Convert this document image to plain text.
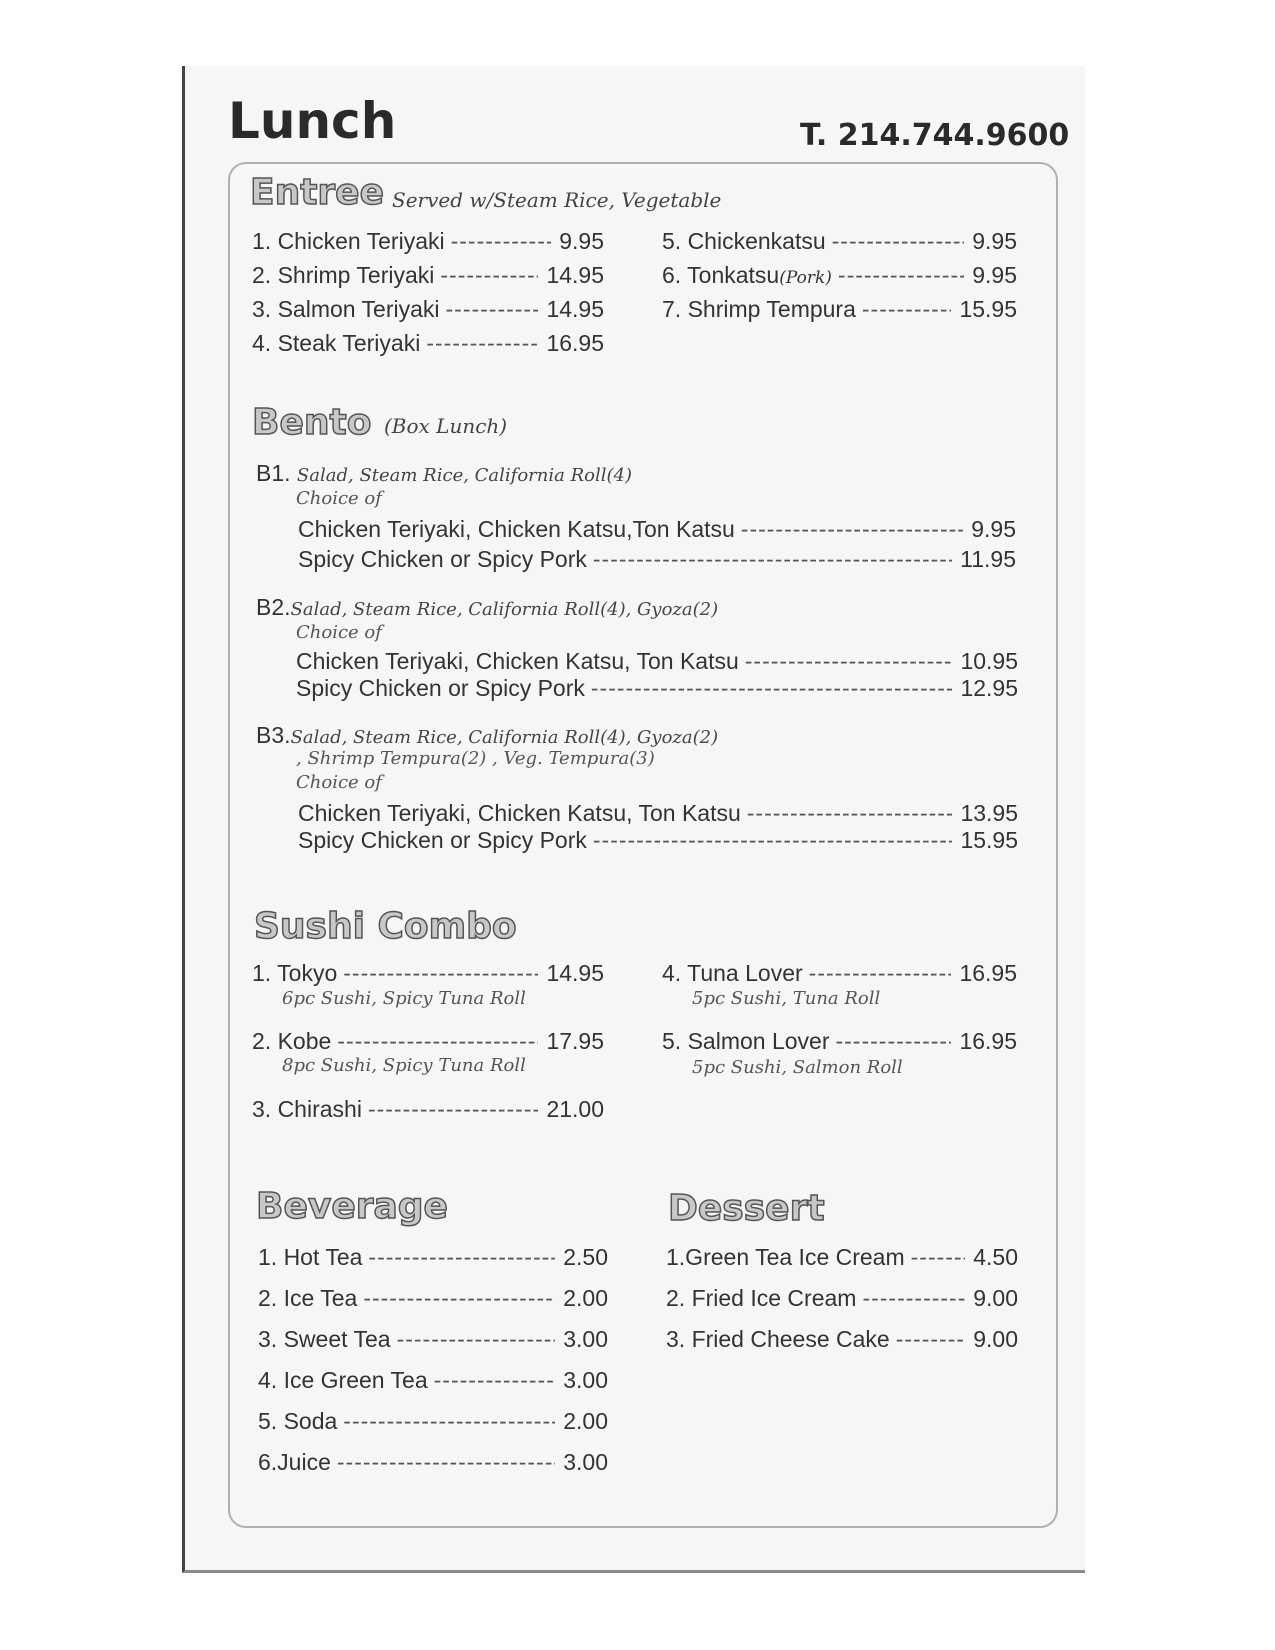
Lunch	T. 214.744.9600
Entree Served w/Steam Rice, Vegetable
1. Chicken Teriyaki -----	9.95
2. Shrimp Teriyaki -----	14.95
3. Salmon Teriyaki -----	14.95
4. Steak Teriyaki -----	16.95
5. Chickenkatsu -----	9.95
6. Tonkatsu(Pork) -----	9.95
7. Shrimp Tempura -----	15.95
Bento (Box Lunch)
B1. Salad, Steam Rice, California Roll(4)
Choice of
Chicken Teriyaki, Chicken Katsu,Ton Katsu -----	9.95
Spicy Chicken or Spicy Pork -----	11.95
B2.Salad, Steam Rice, California Roll(4), Gyoza(2)
Choice of
Chicken Teriyaki, Chicken Katsu, Ton Katsu -----	10.95
Spicy Chicken or Spicy Pork -----	12.95
B3.Salad, Steam Rice, California Roll(4), Gyoza(2)
, Shrimp Tempura(2) , Veg. Tempura(3)
Choice of
Chicken Teriyaki, Chicken Katsu, Ton Katsu -----	13.95
Spicy Chicken or Spicy Pork -----	15.95
Sushi Combo
1. Tokyo -----	14.95
6pc Sushi, Spicy Tuna Roll
2. Kobe -----	17.95
8pc Sushi, Spicy Tuna Roll
3. Chirashi -----	21.00
4. Tuna Lover -----	16.95
5pc Sushi, Tuna Roll
5. Salmon Lover -----	16.95
5pc Sushi, Salmon Roll
Beverage
1. Hot Tea -----	2.50
2. Ice Tea -----	2.00
3. Sweet Tea -----	3.00
4. Ice Green Tea -----	3.00
5. Soda -----	2.00
6.Juice -----	3.00
Dessert
1.Green Tea Ice Cream -----	4.50
2. Fried Ice Cream -----	9.00
3. Fried Cheese Cake -----	9.00
